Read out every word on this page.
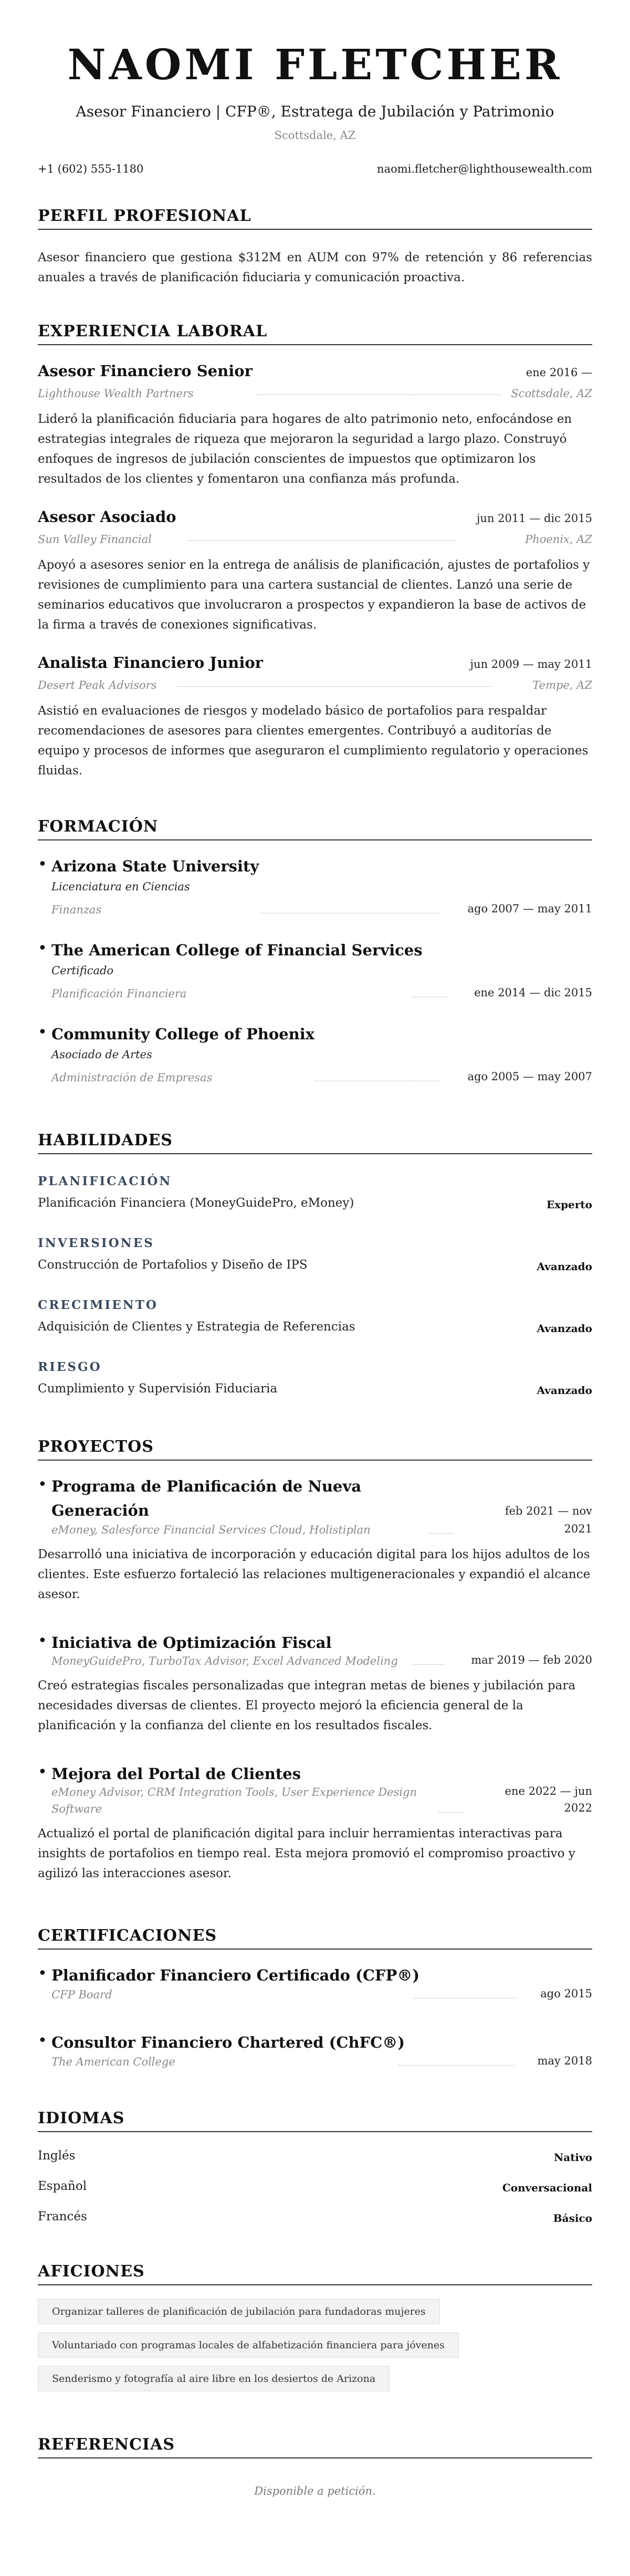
NAOMI FLETCHER
Asesor Financiero | CFP®, Estratega de Jubilación y Patrimonio
Scottsdale, AZ
+1 (602) 555-1180	naomi.fletcher@lighthousewealth.com
PERFIL PROFESIONAL
Asesor financiero que gestiona $312M en AUM con 97% de retención y 86 referencias anuales a través de planificación fiduciaria y comunicación proactiva.
EXPERIENCIA LABORAL
Asesor Financiero Senior	ene 2016 —
Lighthouse Wealth Partners	Scottsdale, AZ
Lideró la planificación fiduciaria para hogares de alto patrimonio neto, enfocándose en estrategias integrales de riqueza que mejoraron la seguridad a largo plazo. Construyó enfoques de ingresos de jubilación conscientes de impuestos que optimizaron los resultados de los clientes y fomentaron una confianza más profunda.
Asesor Asociado	jun 2011 — dic 2015
Sun Valley Financial	Phoenix, AZ
Apoyó a asesores senior en la entrega de análisis de planificación, ajustes de portafolios y revisiones de cumplimiento para una cartera sustancial de clientes. Lanzó una serie de seminarios educativos que involucraron a prospectos y expandieron la base de activos de la firma a través de conexiones significativas.
Analista Financiero Junior	jun 2009 — may 2011
Desert Peak Advisors	Tempe, AZ
Asistió en evaluaciones de riesgos y modelado básico de portafolios para respaldar recomendaciones de asesores para clientes emergentes. Contribuyó a auditorías de equipo y procesos de informes que aseguraron el cumplimiento regulatorio y operaciones fluidas.
FORMACIÓN
• Arizona State University
Licenciatura en Ciencias
Finanzas	ago 2007 — may 2011
• The American College of Financial Services
Certificado
Planificación Financiera	ene 2014 — dic 2015
• Community College of Phoenix
Asociado de Artes
Administración de Empresas	ago 2005 — may 2007
HABILIDADES
PLANIFICACIÓN
Planificación Financiera (MoneyGuidePro, eMoney)	Experto
INVERSIONES
Construcción de Portafolios y Diseño de IPS	Avanzado
CRECIMIENTO
Adquisición de Clientes y Estrategia de Referencias	Avanzado
RIESGO
Cumplimiento y Supervisión Fiduciaria	Avanzado
PROYECTOS
• Programa de Planificación de Nueva
Generación	feb 2021 — nov
eMoney, Salesforce Financial Services Cloud, Holistiplan	2021
Desarrolló una iniciativa de incorporación y educación digital para los hijos adultos de los clientes. Este esfuerzo fortaleció las relaciones multigeneracionales y expandió el alcance asesor.
• Iniciativa de Optimización Fiscal
MoneyGuidePro, TurboTax Advisor, Excel Advanced Modeling	mar 2019 — feb 2020
Creó estrategias fiscales personalizadas que integran metas de bienes y jubilación para necesidades diversas de clientes. El proyecto mejoró la eficiencia general de la planificación y la confianza del cliente en los resultados fiscales.
• Mejora del Portal de Clientes
eMoney Advisor, CRM Integration Tools, User Experience Design
Software
ene 2022 — jun
2022
Actualizó el portal de planificación digital para incluir herramientas interactivas para insights de portafolios en tiempo real. Esta mejora promovió el compromiso proactivo y agilizó las interacciones asesor.
CERTIFICACIONES
• Planificador Financiero Certificado (CFP®)
CFP Board	ago 2015
• Consultor Financiero Chartered (ChFC®)
The American College	may 2018
IDIOMAS
Inglés	Nativo
Español	Conversacional
Francés	Básico
AFICIONES
Organizar talleres de planificación de jubilación para fundadoras mujeres
Voluntariado con programas locales de alfabetización financiera para jóvenes
Senderismo y fotografía al aire libre en los desiertos de Arizona
REFERENCIAS
Disponible a petición.
